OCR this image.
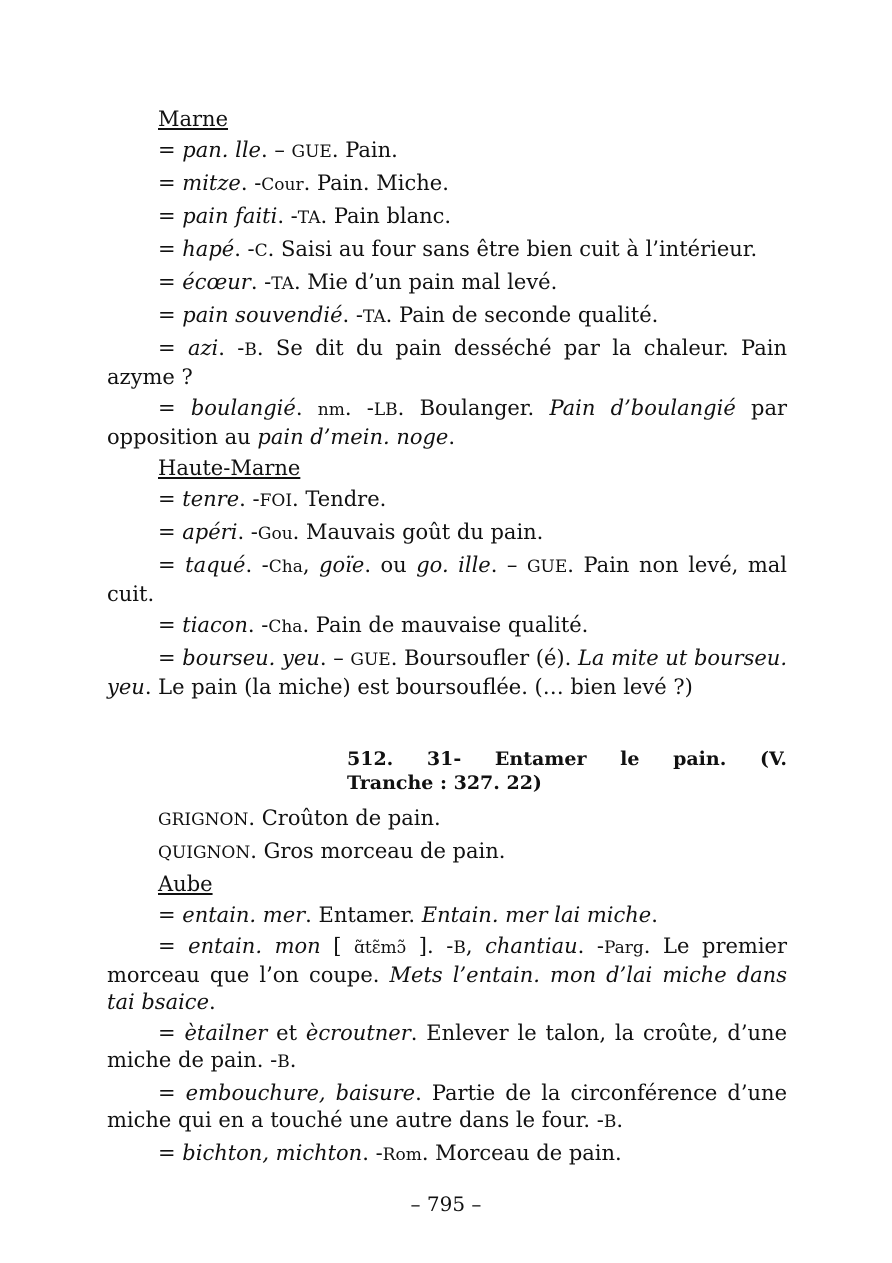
Marne

= pan. lle. – GUE. Pain.

= mitze. -Cour. Pain. Miche.

= pain faiti. -TA. Pain blanc.

= hapé. -C. Saisi au four sans être bien cuit à l’intérieur.

= écœur. -TA. Mie d’un pain mal levé.

= pain souvendié. -TA. Pain de seconde qualité.

= azi. -B. Se dit du pain desséché par la chaleur. Pain azyme ?

= boulangié. nm. -LB. Boulanger. Pain d’boulangié par opposition au pain d’mein. noge.

Haute-Marne

= tenre. -FOI. Tendre.

= apéri. -Gou. Mauvais goût du pain.

= taqué. -Cha, goïe. ou go. ille. – GUE. Pain non levé, mal cuit.

= tiacon. -Cha. Pain de mauvaise qualité.

= bourseu. yeu. – GUE. Boursoufler (é). La mite ut bourseu. yeu. Le pain (la miche) est boursouflée. (… bien levé ?)

512. 31- Entamer le pain. (V.
Tranche : 327. 22)

GRIGNON. Croûton de pain.

QUIGNON. Gros morceau de pain.

Aube

= entain. mer. Entamer. Entain. mer lai miche.

= entain. mon [ ɑ̃tɛ̃mɔ̃ ]. -B, chantiau. -Parg. Le premier morceau que l’on coupe. Mets l’entain. mon d’lai miche dans tai bsaice.

= ètailner et ècroutner. Enlever le talon, la croûte, d’une miche de pain. -B.

= embouchure, baisure. Partie de la circonférence d’une miche qui en a touché une autre dans le four. -B.

= bichton, michton. -Rom. Morceau de pain.

– 795 –
